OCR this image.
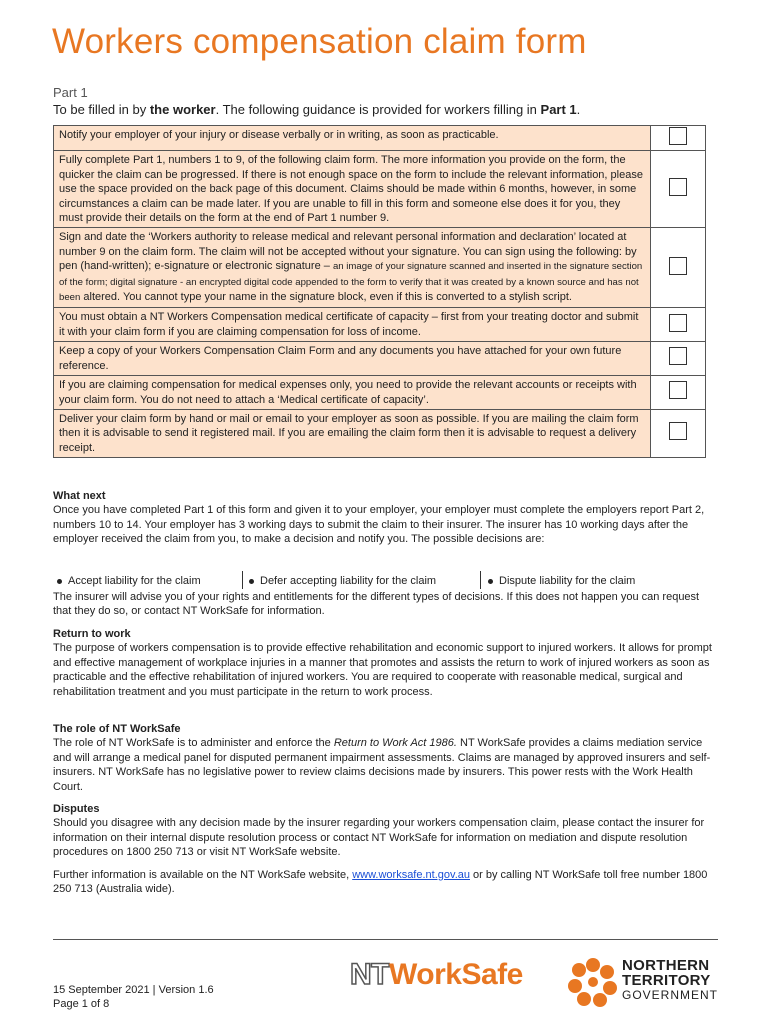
Workers compensation claim form
Part 1
To be filled in by the worker. The following guidance is provided for workers filling in Part 1.
Notify your employer of your injury or disease verbally or in writing, as soon as practicable.	
Fully complete Part 1, numbers 1 to 9, of the following claim form. The more information you provide on the form, the quicker the claim can be progressed. If there is not enough space on the form to include the relevant information, please use the space provided on the back page of this document. Claims should be made within 6 months, however, in some circumstances a claim can be made later. If you are unable to fill in this form and someone else does it for you, they must provide their details on the form at the end of Part 1 number 9.	
Sign and date the ‘Workers authority to release medical and relevant personal information and declaration’ located at number 9 on the claim form. The claim will not be accepted without your signature. You can sign using the following: by pen (hand-written); e-signature or electronic signature – an image of your signature scanned and inserted in the signature section of the form; digital signature - an encrypted digital code appended to the form to verify that it was created by a known source and has not been altered. You cannot type your name in the signature block, even if this is converted to a stylish script.	
You must obtain a NT Workers Compensation medical certificate of capacity – first from your treating doctor and submit it with your claim form if you are claiming compensation for loss of income.	
Keep a copy of your Workers Compensation Claim Form and any documents you have attached for your own future reference.	
If you are claiming compensation for medical expenses only, you need to provide the relevant accounts or receipts with your claim form. You do not need to attach a ‘Medical certificate of capacity’.	
Deliver your claim form by hand or mail or email to your employer as soon as possible. If you are mailing the claim form then it is advisable to send it registered mail. If you are emailing the claim form then it is advisable to request a delivery receipt.	
What next

Once you have completed Part 1 of this form and given it to your employer, your employer must complete the employers report Part 2, numbers 10 to 14. Your employer has 3 working days to submit the claim to their insurer. The insurer has 10 working days after the employer received the claim from you, to make a decision and notify you. The possible decisions are:

Accept liability for the claim	Defer accepting liability for the claim	Dispute liability for the claim

The insurer will advise you of your rights and entitlements for the different types of decisions. If this does not happen you can request that they do so, or contact NT WorkSafe for information.

Return to work

The purpose of workers compensation is to provide effective rehabilitation and economic support to injured workers. It allows for prompt and effective management of workplace injuries in a manner that promotes and assists the return to work of injured workers as soon as practicable and the effective rehabilitation of injured workers. You are required to cooperate with reasonable medical, surgical and rehabilitation treatment and you must participate in the return to work process.

The role of NT WorkSafe

The role of NT WorkSafe is to administer and enforce the Return to Work Act 1986. NT WorkSafe provides a claims mediation service and will arrange a medical panel for disputed permanent impairment assessments. Claims are managed by approved insurers and self-insurers. NT WorkSafe has no legislative power to review claims decisions made by insurers. This power rests with the Work Health Court.

Disputes

Should you disagree with any decision made by the insurer regarding your workers compensation claim, please contact the insurer for information on their internal dispute resolution process or contact NT WorkSafe for information on mediation and dispute resolution procedures on 1800 250 713 or visit NT WorkSafe website.

Further information is available on the NT WorkSafe website, www.worksafe.nt.gov.au or by calling NT WorkSafe toll free number 1800 250 713 (Australia wide).

15 September 2021 | Version 1.6
Page 1 of 8
NTWorkSafe	NORTHERN
TERRITORY
GOVERNMENT
